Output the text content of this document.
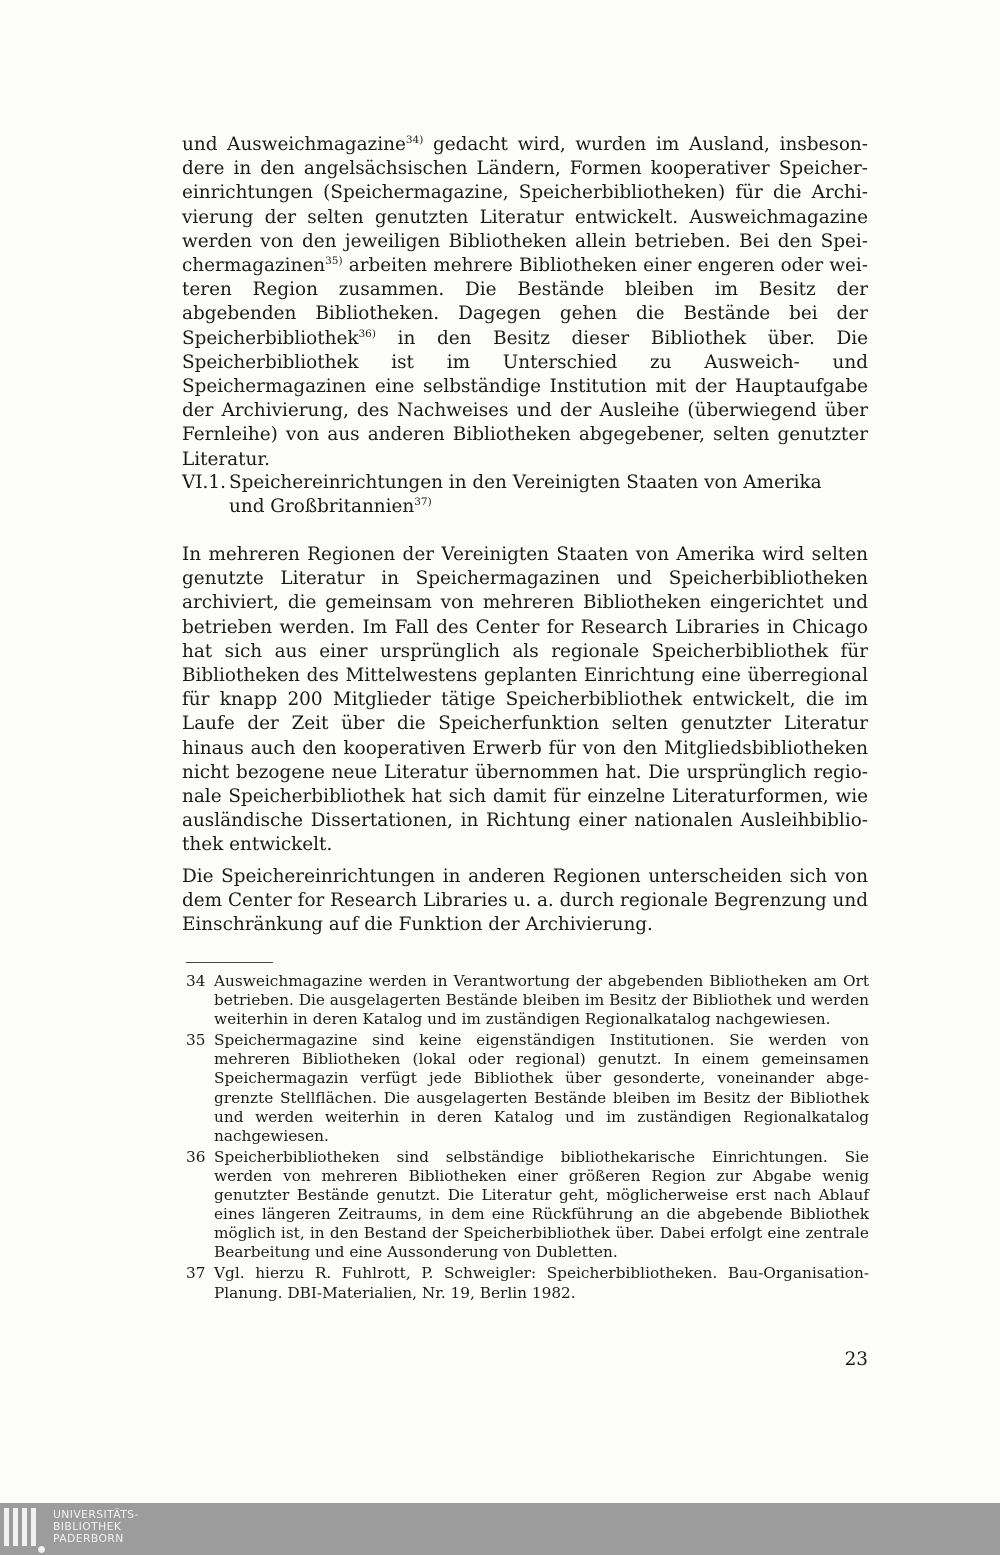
und Ausweichmagazine$^{34)}$ gedacht wird, wurden im Ausland, insbesondere in den angelsächsischen Ländern, Formen kooperativer Speichereinrichtungen (Speichermagazine, Speicherbibliotheken) für die Archivierung der selten genutzten Literatur entwickelt. Ausweichmagazine werden von den jeweiligen Bibliotheken allein betrieben. Bei den Speichermagazinen$^{35)}$ arbeiten mehrere Bibliotheken einer engeren oder weiteren Region zusammen. Die Bestände bleiben im Besitz der abgebenden Bibliotheken. Dagegen gehen die Bestände bei der Speicherbibliothek$^{36)}$ in den Besitz dieser Bibliothek über. Die Speicherbibliothek ist im Unterschied zu Ausweich- und Speichermagazinen eine selbständige Institution mit der Hauptaufgabe der Archivierung, des Nachweises und der Ausleihe (überwiegend über Fernleihe) von aus anderen Bibliotheken abgegebener, selten genutzter Literatur.

VI.1. Speichereinrichtungen in den Vereinigten Staaten von Amerika
und Großbritannien$^{37)}$

In mehreren Regionen der Vereinigten Staaten von Amerika wird selten genutzte Literatur in Speichermagazinen und Speicherbibliotheken archiviert, die gemeinsam von mehreren Bibliotheken eingerichtet und betrieben werden. Im Fall des Center for Research Libraries in Chicago hat sich aus einer ursprünglich als regionale Speicherbibliothek für Bibliotheken des Mittelwestens geplanten Einrichtung eine überregional für knapp 200 Mitglieder tätige Speicherbibliothek entwickelt, die im Laufe der Zeit über die Speicherfunktion selten genutzter Literatur hinaus auch den kooperativen Erwerb für von den Mitgliedsbibliotheken nicht bezogene neue Literatur übernommen hat. Die ursprünglich regionale Speicherbibliothek hat sich damit für einzelne Literaturformen, wie ausländische Dissertationen, in Richtung einer nationalen Ausleihbibliothek entwickelt.

Die Speichereinrichtungen in anderen Regionen unterscheiden sich von dem Center for Research Libraries u. a. durch regionale Begrenzung und Einschränkung auf die Funktion der Archivierung.

34 Ausweichmagazine werden in Verantwortung der abgebenden Bibliotheken am Ort betrieben. Die ausgelagerten Bestände bleiben im Besitz der Bibliothek und werden weiterhin in deren Katalog und im zuständigen Regionalkatalog nachgewiesen.
35 Speichermagazine sind keine eigenständigen Institutionen. Sie werden von mehreren Bibliotheken (lokal oder regional) genutzt. In einem gemeinsamen Speichermagazin verfügt jede Bibliothek über gesonderte, voneinander abgegrenzte Stellflächen. Die ausgelagerten Bestände bleiben im Besitz der Bibliothek und werden weiterhin in deren Katalog und im zuständigen Regionalkatalog nachgewiesen.
36 Speicherbibliotheken sind selbständige bibliothekarische Einrichtungen. Sie werden von mehreren Bibliotheken einer größeren Region zur Abgabe wenig genutzter Bestände genutzt. Die Literatur geht, möglicherweise erst nach Ablauf eines längeren Zeitraums, in dem eine Rückführung an die abgebende Bibliothek möglich ist, in den Bestand der Speicherbibliothek über. Dabei erfolgt eine zentrale Bearbeitung und eine Aussonderung von Dubletten.
37 Vgl. hierzu R. Fuhlrott, P. Schweigler: Speicherbibliotheken. Bau-Organisation-Planung. DBI-Materialien, Nr. 19, Berlin 1982.
23
UNIVERSITÄTS-
BIBLIOTHEK
PADERBORN
